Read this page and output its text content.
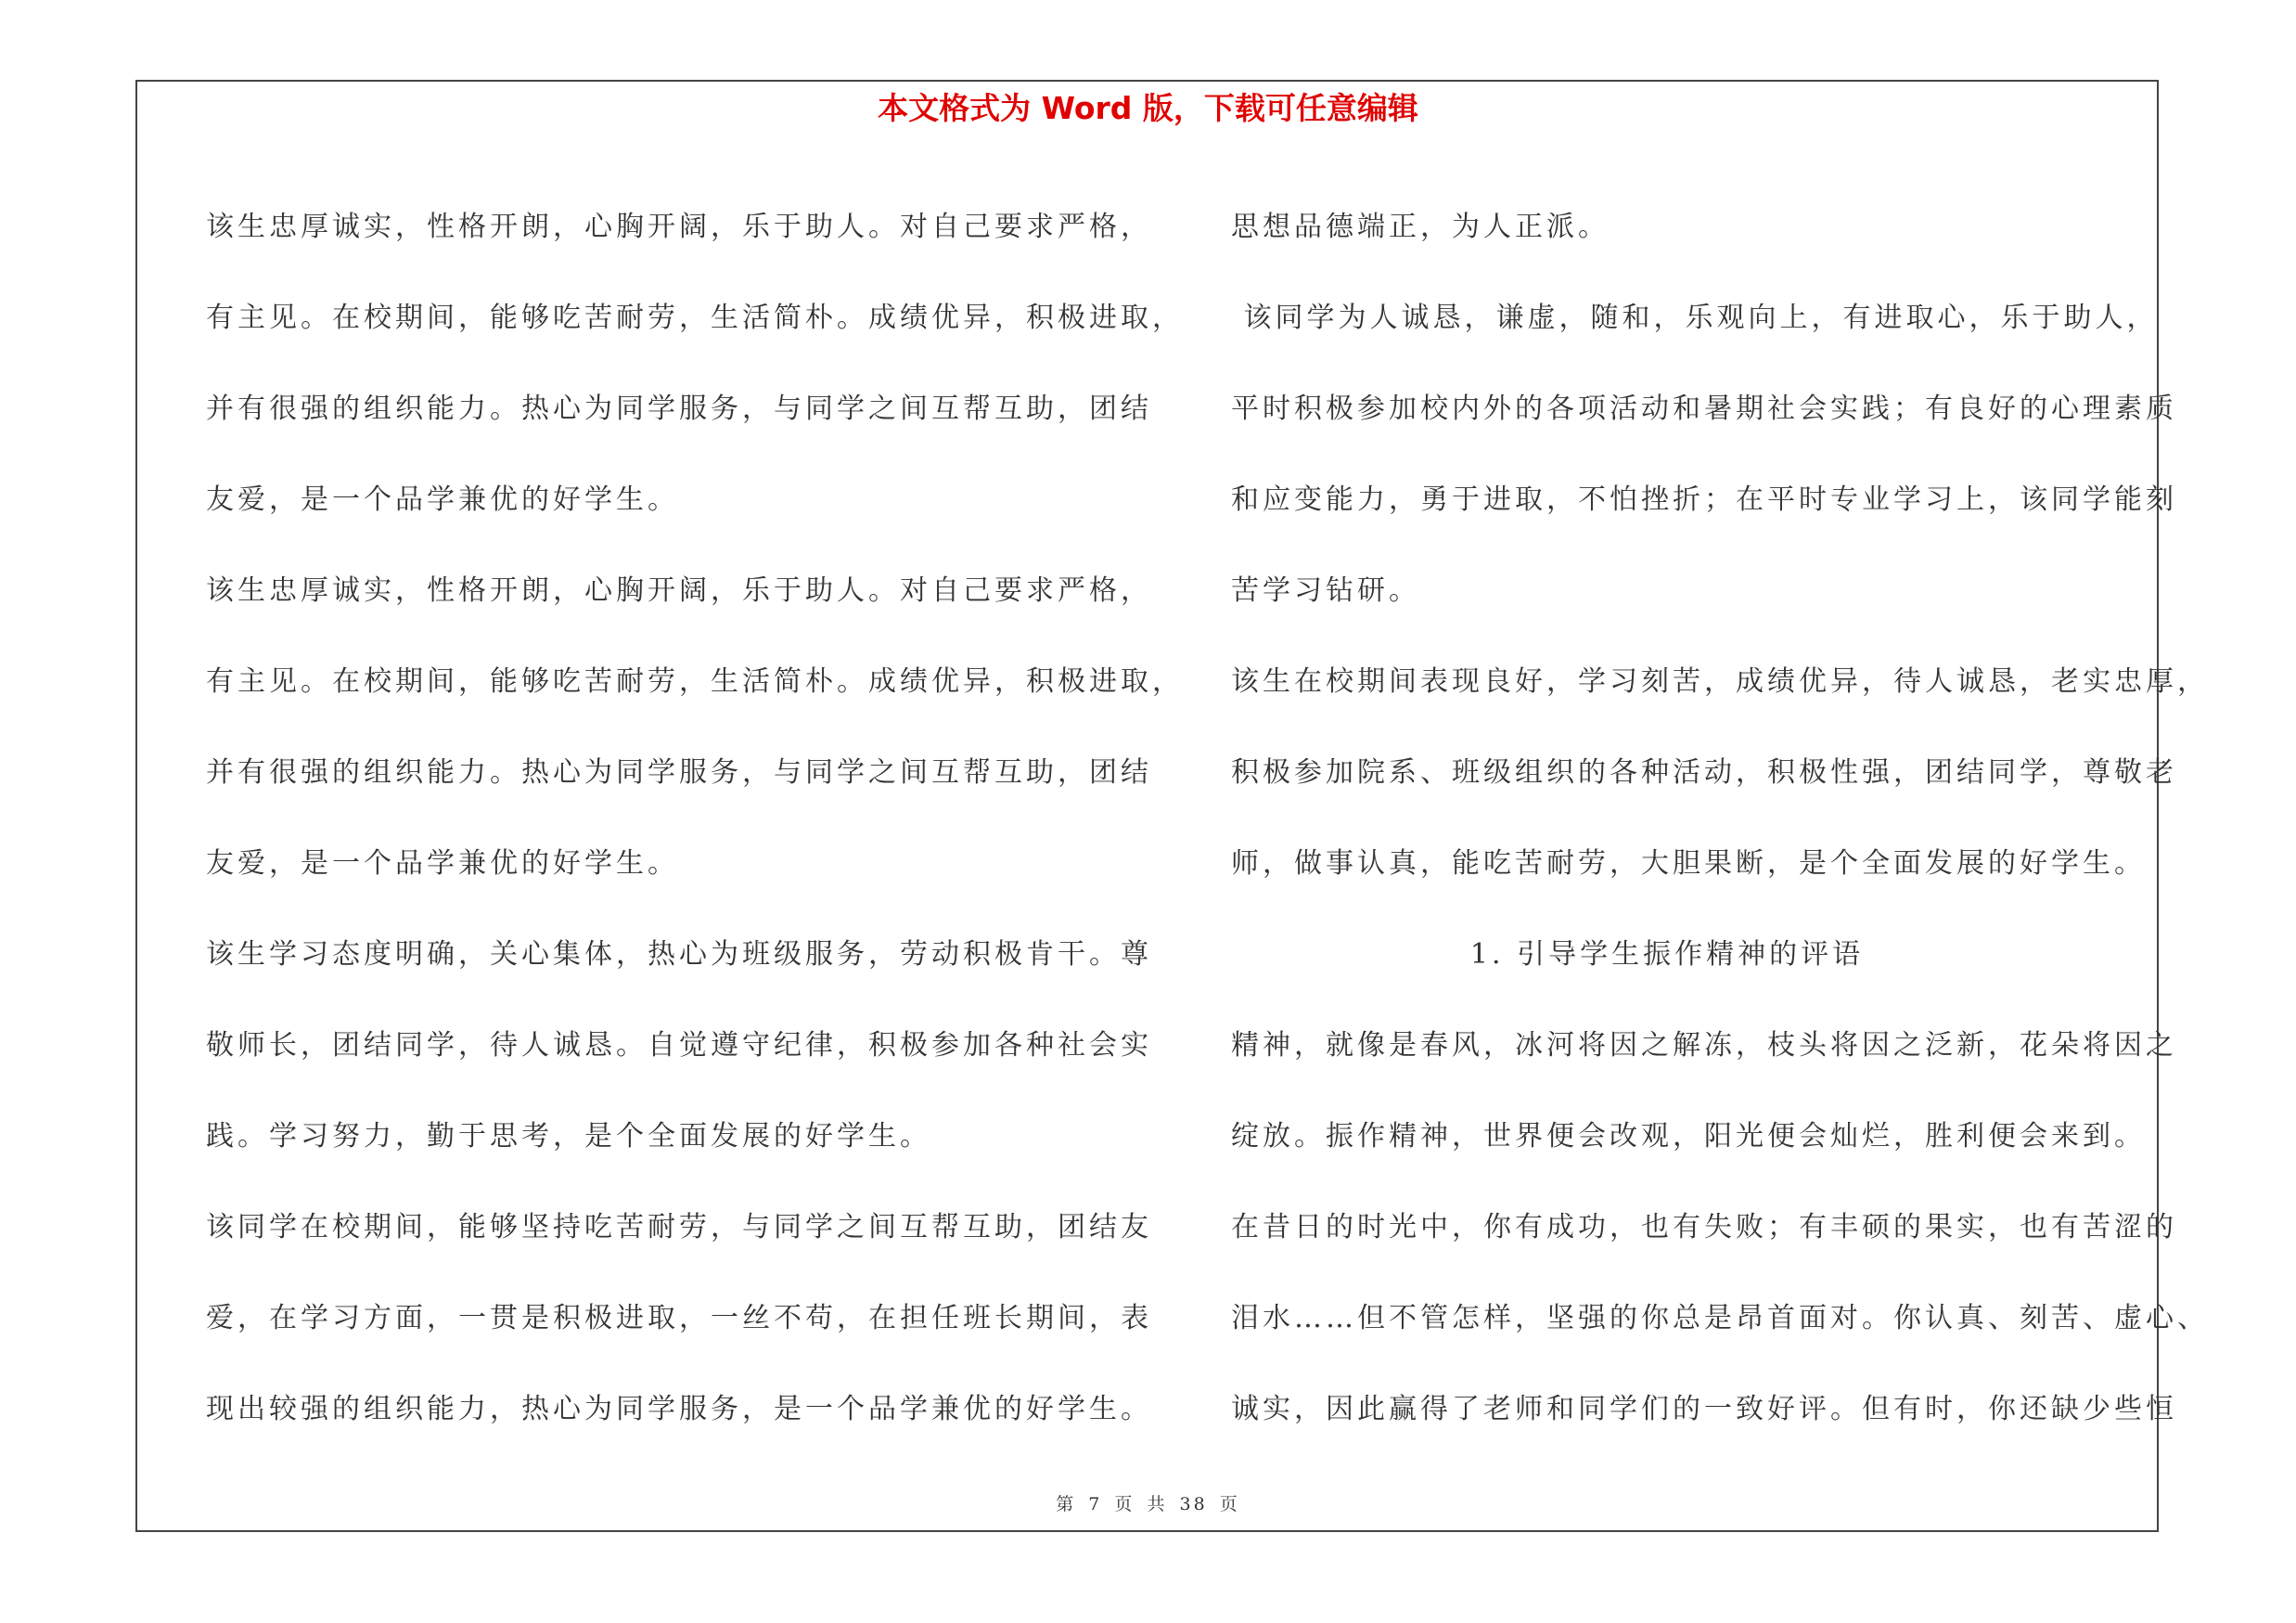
本文格式为 Word 版，下载可任意编辑
该生忠厚诚实，性格开朗，心胸开阔，乐于助人。对自己要求严格，
有主见。在校期间，能够吃苦耐劳，生活简朴。成绩优异，积极进取，
并有很强的组织能力。热心为同学服务，与同学之间互帮互助，团结
友爱，是一个品学兼优的好学生。
该生忠厚诚实，性格开朗，心胸开阔，乐于助人。对自己要求严格，
有主见。在校期间，能够吃苦耐劳，生活简朴。成绩优异，积极进取，
并有很强的组织能力。热心为同学服务，与同学之间互帮互助，团结
友爱，是一个品学兼优的好学生。
该生学习态度明确，关心集体，热心为班级服务，劳动积极肯干。尊
敬师长，团结同学，待人诚恳。自觉遵守纪律，积极参加各种社会实
践。学习努力，勤于思考，是个全面发展的好学生。
该同学在校期间，能够坚持吃苦耐劳，与同学之间互帮互助，团结友
爱，在学习方面，一贯是积极进取，一丝不苟，在担任班长期间，表
现出较强的组织能力，热心为同学服务，是一个品学兼优的好学生。
思想品德端正，为人正派。
该同学为人诚恳，谦虚，随和，乐观向上，有进取心，乐于助人，
平时积极参加校内外的各项活动和暑期社会实践；有良好的心理素质
和应变能力，勇于进取，不怕挫折；在平时专业学习上，该同学能刻
苦学习钻研。
该生在校期间表现良好，学习刻苦，成绩优异，待人诚恳，老实忠厚，
积极参加院系、班级组织的各种活动，积极性强，团结同学，尊敬老
师，做事认真，能吃苦耐劳，大胆果断，是个全面发展的好学生。
1. 引导学生振作精神的评语
精神，就像是春风，冰河将因之解冻，枝头将因之泛新，花朵将因之
绽放。振作精神，世界便会改观，阳光便会灿烂，胜利便会来到。
在昔日的时光中，你有成功，也有失败；有丰硕的果实，也有苦涩的
泪水……但不管怎样，坚强的你总是昂首面对。你认真、刻苦、虚心、
诚实，因此赢得了老师和同学们的一致好评。但有时，你还缺少些恒
第 7 页 共 38 页
